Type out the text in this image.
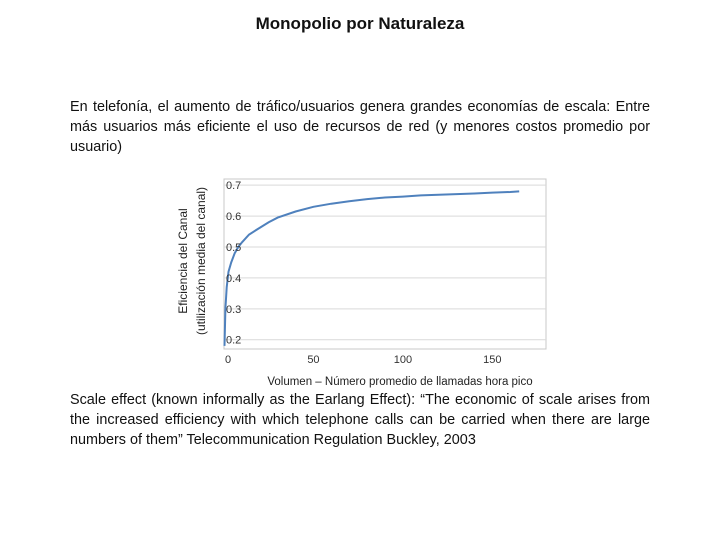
Monopolio por Naturaleza

En telefonía, el aumento de tráfico/usuarios genera grandes economías de escala: Entre más usuarios más eficiente el uso de recursos de red (y menores costos promedio por usuario)

0	50	100	150
0.2
0.3
0.4
0.5
0.6
0.7
Volumen – Número promedio de llamadas hora pico
Eficiencia del Canal (utilización media del canal)

Scale effect (known informally as the Earlang Effect): “The economic of scale arises from the increased efficiency with which telephone calls can be carried when there are large numbers of them” Telecommunication Regulation Buckley, 2003
